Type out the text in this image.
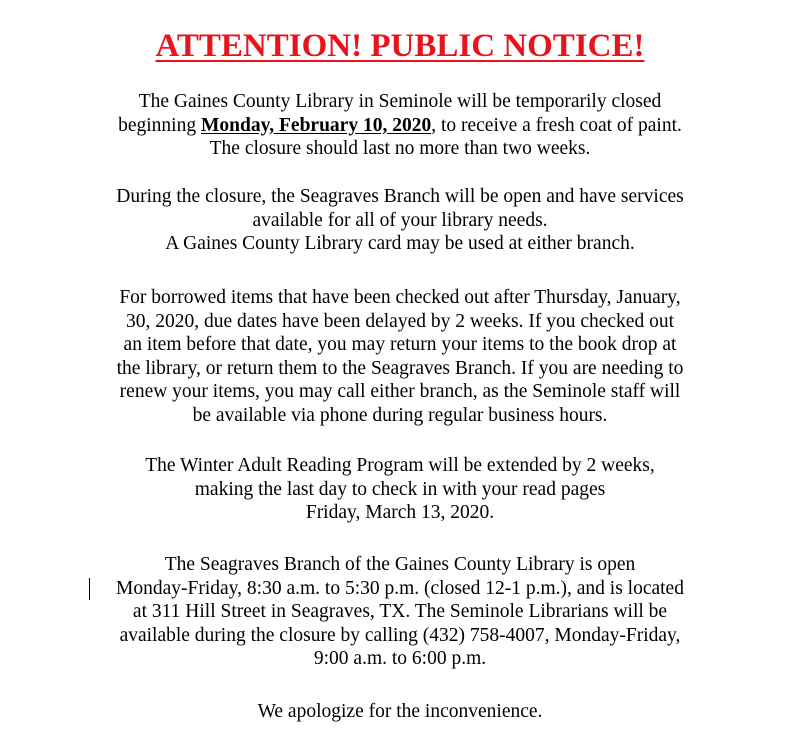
ATTENTION! PUBLIC NOTICE!

The Gaines County Library in Seminole will be temporarily closed
beginning Monday, February 10, 2020, to receive a fresh coat of paint.
The closure should last no more than two weeks.

During the closure, the Seagraves Branch will be open and have services
available for all of your library needs.
A Gaines County Library card may be used at either branch.

For borrowed items that have been checked out after Thursday, January,
30, 2020, due dates have been delayed by 2 weeks. If you checked out
an item before that date, you may return your items to the book drop at
the library, or return them to the Seagraves Branch. If you are needing to
renew your items, you may call either branch, as the Seminole staff will
be available via phone during regular business hours.

The Winter Adult Reading Program will be extended by 2 weeks,
making the last day to check in with your read pages
Friday, March 13, 2020.

The Seagraves Branch of the Gaines County Library is open
Monday-Friday, 8:30 a.m. to 5:30 p.m. (closed 12-1 p.m.), and is located
at 311 Hill Street in Seagraves, TX. The Seminole Librarians will be
available during the closure by calling (432) 758-4007, Monday-Friday,
9:00 a.m. to 6:00 p.m.

We apologize for the inconvenience.
